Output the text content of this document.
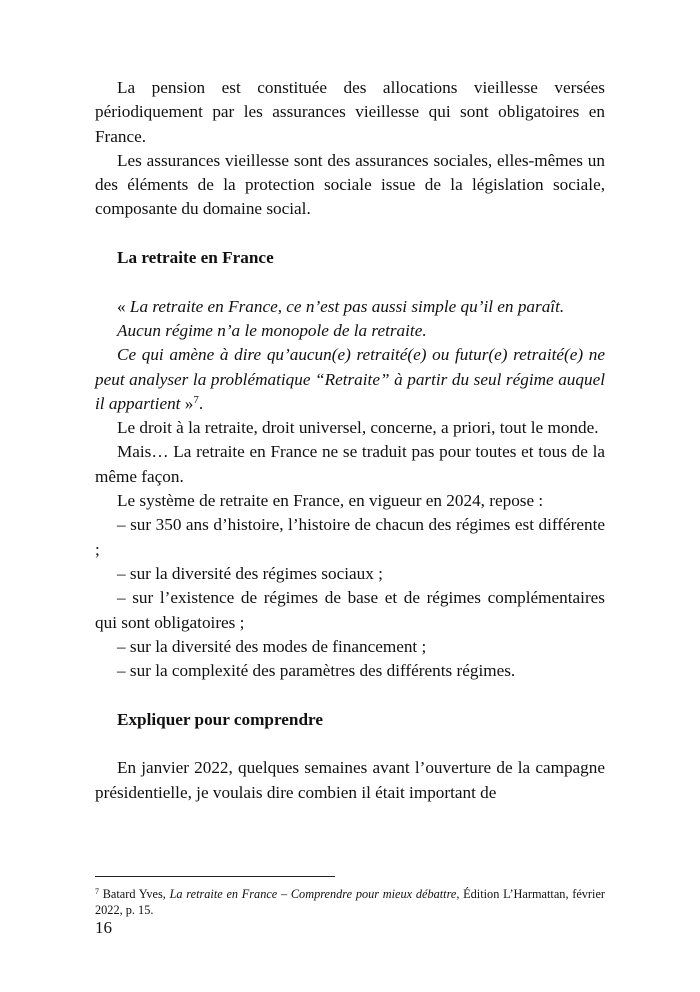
La pension est constituée des allocations vieillesse versées périodiquement par les assurances vieillesse qui sont obligatoires en France.

Les assurances vieillesse sont des assurances sociales, elles-mêmes un des éléments de la protection sociale issue de la législation sociale, composante du domaine social.

La retraite en France

« La retraite en France, ce n’est pas aussi simple qu’il en paraît.

Aucun régime n’a le monopole de la retraite.

Ce qui amène à dire qu’aucun(e) retraité(e) ou futur(e) retraité(e) ne peut analyser la problématique “Retraite” à partir du seul régime auquel il appartient »$^7$.

Le droit à la retraite, droit universel, concerne, a priori, tout le monde.

Mais… La retraite en France ne se traduit pas pour toutes et tous de la même façon.

Le système de retraite en France, en vigueur en 2024, repose :

– sur 350 ans d’histoire, l’histoire de chacun des régimes est différente ;

– sur la diversité des régimes sociaux ;

– sur l’existence de régimes de base et de régimes complémentaires qui sont obligatoires ;

– sur la diversité des modes de financement ;

– sur la complexité des paramètres des différents régimes.

Expliquer pour comprendre

En janvier 2022, quelques semaines avant l’ouverture de la campagne présidentielle, je voulais dire combien il était important de

$^7$ Batard Yves, La retraite en France – Comprendre pour mieux débattre, Édition L’Harmattan, février 2022, p. 15.
16
